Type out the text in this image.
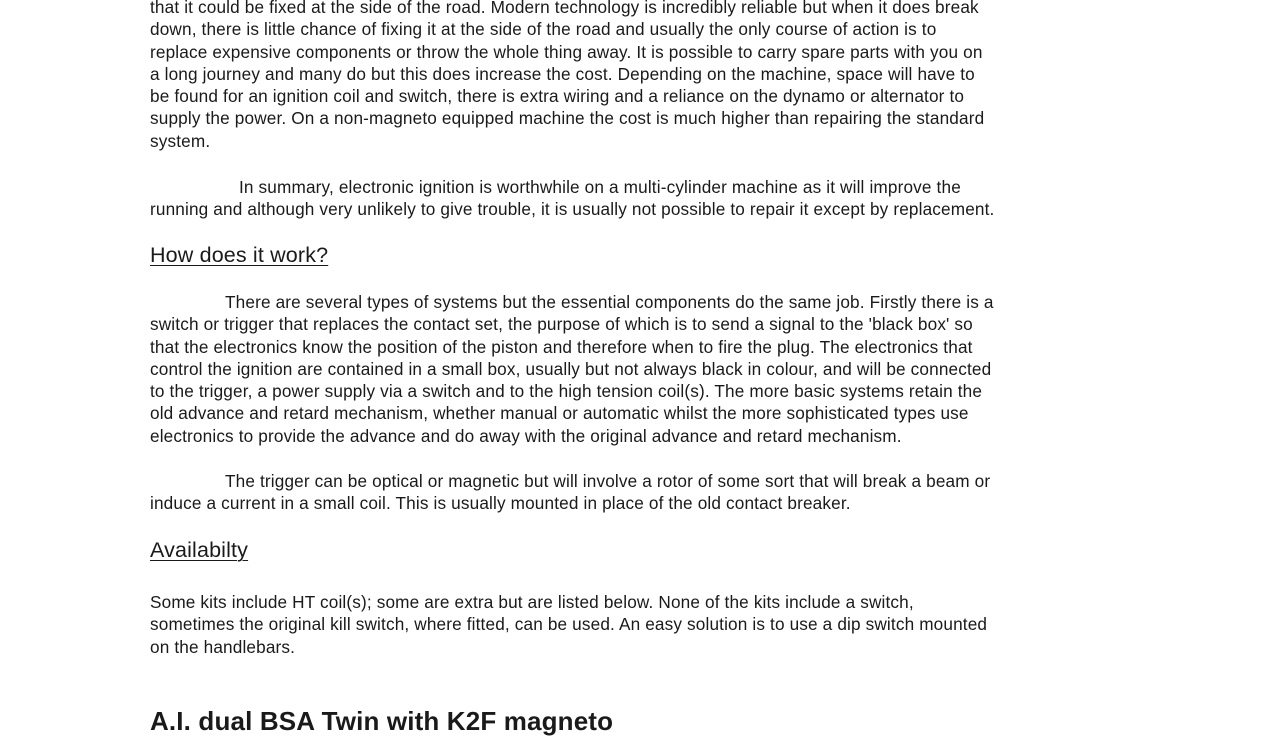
that it could be fixed at the side of the road. Modern technology is incredibly reliable but when it does break
down, there is little chance of fixing it at the side of the road and usually the only course of action is to
replace expensive components or throw the whole thing away. It is possible to carry spare parts with you on
a long journey and many do but this does increase the cost. Depending on the machine, space will have to
be found for an ignition coil and switch, there is extra wiring and a reliance on the dynamo or alternator to
supply the power. On a non-magneto equipped machine the cost is much higher than repairing the standard
system.
In summary, electronic ignition is worthwhile on a multi-cylinder machine as it will improve the
running and although very unlikely to give trouble, it is usually not possible to repair it except by replacement.
How does it work?
There are several types of systems but the essential components do the same job. Firstly there is a
switch or trigger that replaces the contact set, the purpose of which is to send a signal to the 'black box' so
that the electronics know the position of the piston and therefore when to fire the plug. The electronics that
control the ignition are contained in a small box, usually but not always black in colour, and will be connected
to the trigger, a power supply via a switch and to the high tension coil(s). The more basic systems retain the
old advance and retard mechanism, whether manual or automatic whilst the more sophisticated types use
electronics to provide the advance and do away with the original advance and retard mechanism.
The trigger can be optical or magnetic but will involve a rotor of some sort that will break a beam or
induce a current in a small coil. This is usually mounted in place of the old contact breaker.
Availabilty
Some kits include HT coil(s); some are extra but are listed below. None of the kits include a switch,
sometimes the original kill switch, where fitted, can be used. An easy solution is to use a dip switch mounted
on the handlebars.
A.I. dual BSA Twin with K2F magneto
